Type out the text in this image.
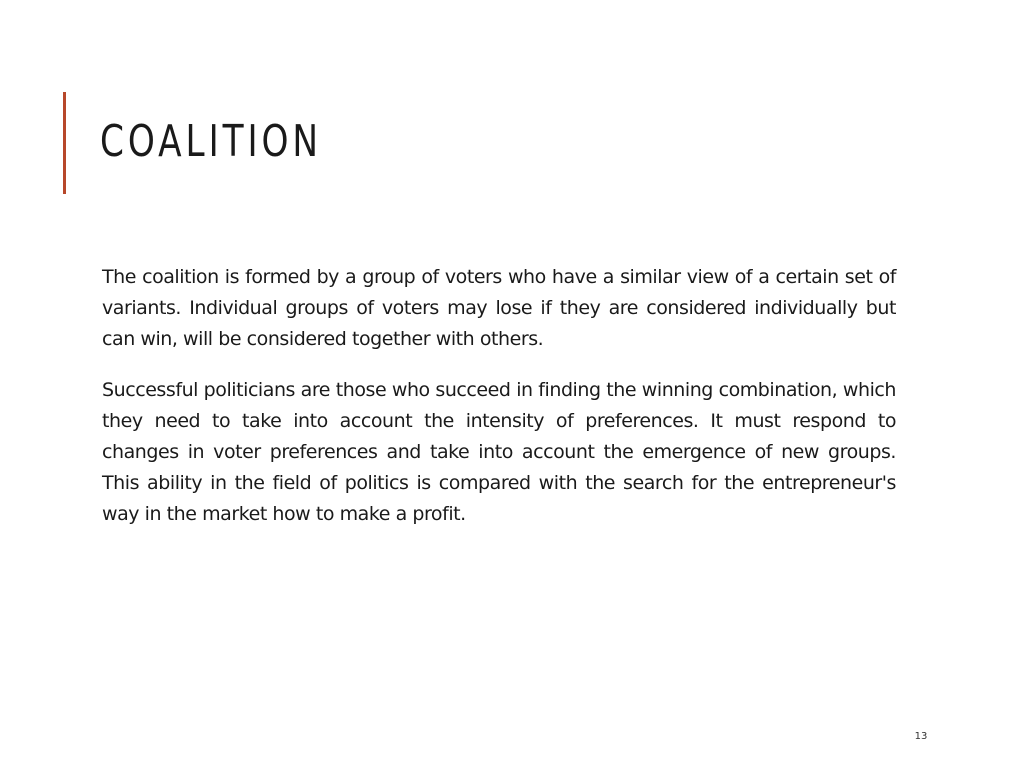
COALITION

The coalition is formed by a group of voters who have a similar view of a certain set of variants. Individual groups of voters may lose if they are considered individually but can win, will be considered together with others.

Successful politicians are those who succeed in finding the winning combination, which they need to take into account the intensity of preferences. It must respond to changes in voter preferences and take into account the emergence of new groups. This ability in the field of politics is compared with the search for the entrepreneur's way in the market how to make a profit.

13
